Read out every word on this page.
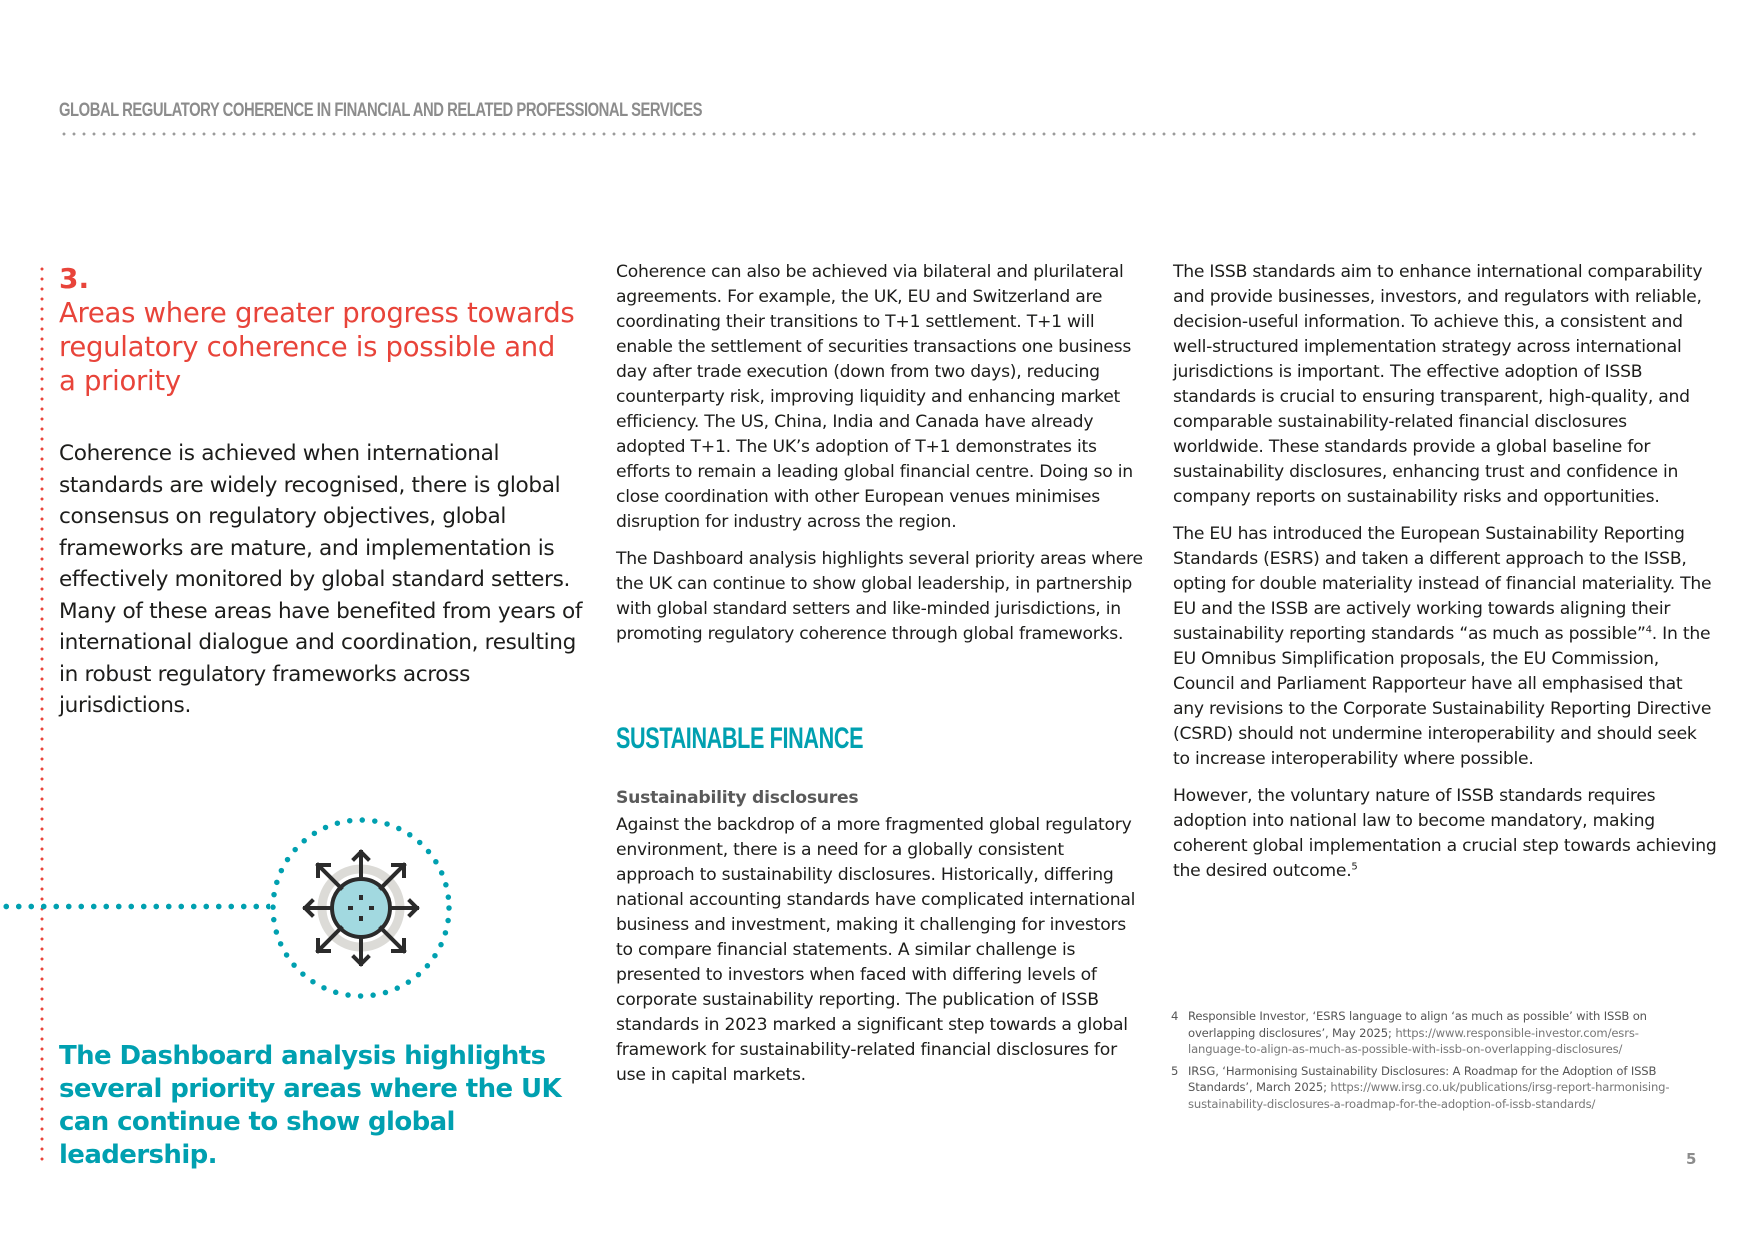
GLOBAL REGULATORY COHERENCE IN FINANCIAL AND RELATED PROFESSIONAL SERVICES
3.
Areas where greater progress towards regulatory coherence is possible and a priority
Coherence is achieved when international standards are widely recognised, there is global consensus on regulatory objectives, global frameworks are mature, and implementation is effectively monitored by global standard setters. Many of these areas have benefited from years of international dialogue and coordination, resulting in robust regulatory frameworks across jurisdictions.
The Dashboard analysis highlights several priority areas where the UK can continue to show global leadership.

Coherence can also be achieved via bilateral and plurilateral agreements. For example, the UK, EU and Switzerland are coordinating their transitions to T+1 settlement. T+1 will enable the settlement of securities transactions one business day after trade execution (down from two days), reducing counterparty risk, improving liquidity and enhancing market efficiency. The US, China, India and Canada have already adopted T+1. The UK’s adoption of T+1 demonstrates its efforts to remain a leading global financial centre. Doing so in close coordination with other European venues minimises disruption for industry across the region.

The Dashboard analysis highlights several priority areas where the UK can continue to show global leadership, in partnership with global standard setters and like-minded jurisdictions, in promoting regulatory coherence through global frameworks.

SUSTAINABLE FINANCE
Sustainability disclosures

Against the backdrop of a more fragmented global regulatory environment, there is a need for a globally consistent approach to sustainability disclosures. Historically, differing national accounting standards have complicated international business and investment, making it challenging for investors to compare financial statements. A similar challenge is presented to investors when faced with differing levels of corporate sustainability reporting. The publication of ISSB standards in 2023 marked a significant step towards a global framework for sustainability-related financial disclosures for use in capital markets.

The ISSB standards aim to enhance international comparability and provide businesses, investors, and regulators with reliable, decision-useful information. To achieve this, a consistent and well-structured implementation strategy across international jurisdictions is important. The effective adoption of ISSB standards is crucial to ensuring transparent, high-quality, and comparable sustainability-related financial disclosures worldwide. These standards provide a global baseline for sustainability disclosures, enhancing trust and confidence in company reports on sustainability risks and opportunities.

The EU has introduced the European Sustainability Reporting Standards (ESRS) and taken a different approach to the ISSB, opting for double materiality instead of financial materiality. The EU and the ISSB are actively working towards aligning their sustainability reporting standards “as much as possible”$^4$. In the EU Omnibus Simplification proposals, the EU Commission, Council and Parliament Rapporteur have all emphasised that any revisions to the Corporate Sustainability Reporting Directive (CSRD) should not undermine interoperability and should seek to increase interoperability where possible.

However, the voluntary nature of ISSB standards requires adoption into national law to become mandatory, making coherent global implementation a crucial step towards achieving the desired outcome.$^5$

4 Responsible Investor, ‘ESRS language to align ‘as much as possible’ with ISSB on overlapping disclosures’, May 2025; https://www.responsible-investor.com/esrs-language-to-align-as-much-as-possible-with-issb-on-overlapping-disclosures/
5 IRSG, ‘Harmonising Sustainability Disclosures: A Roadmap for the Adoption of ISSB Standards’, March 2025; https://www.irsg.co.uk/publications/irsg-report-harmonising-sustainability-disclosures-a-roadmap-for-the-adoption-of-issb-standards/
5
